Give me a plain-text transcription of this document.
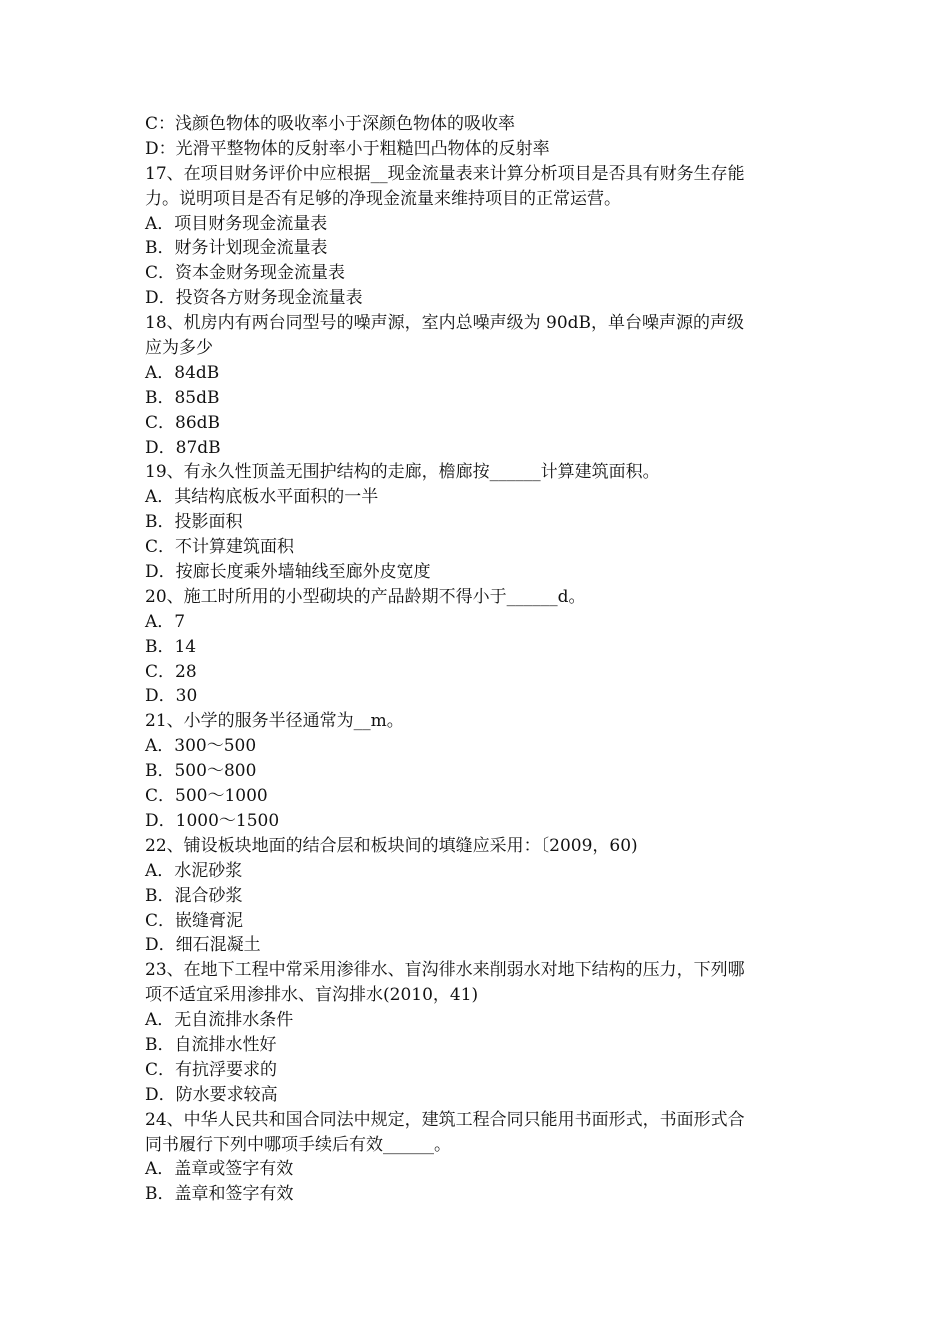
C：浅颜色物体的吸收率小于深颜色物体的吸收率
D：光滑平整物体的反射率小于粗糙凹凸物体的反射率
17、在项目财务评价中应根据__现金流量表来计算分析项目是否具有财务生存能
力。说明项目是否有足够的净现金流量来维持项目的正常运营。
A．项目财务现金流量表
B．财务计划现金流量表
C．资本金财务现金流量表
D．投资各方财务现金流量表
18、机房内有两台同型号的噪声源，室内总噪声级为 90dB，单台噪声源的声级
应为多少
A．84dB
B．85dB
C．86dB
D．87dB
19、有永久性顶盖无围护结构的走廊，檐廊按______计算建筑面积。
A．其结构底板水平面积的一半
B．投影面积
C．不计算建筑面积
D．按廊长度乘外墙轴线至廊外皮宽度
20、施工时所用的小型砌块的产品龄期不得小于______d。
A．7
B．14
C．28
D．30
21、小学的服务半径通常为__m。
A．300～500
B．500～800
C．500～1000
D．1000～1500
22、铺设板块地面的结合层和板块间的填缝应采用：〔2009，60)
A．水泥砂浆
B．混合砂浆
C．嵌缝膏泥
D．细石混凝土
23、在地下工程中常采用渗徘水、盲沟徘水来削弱水对地下结构的压力，下列哪
项不适宜采用渗排水、盲沟排水(2010，41)
A．无自流排水条件
B．自流排水性好
C．有抗浮要求的
D．防水要求较高
24、中华人民共和国合同法中规定，建筑工程合同只能用书面形式，书面形式合
同书履行下列中哪项手续后有效______。
A．盖章或签字有效
B．盖章和签字有效
